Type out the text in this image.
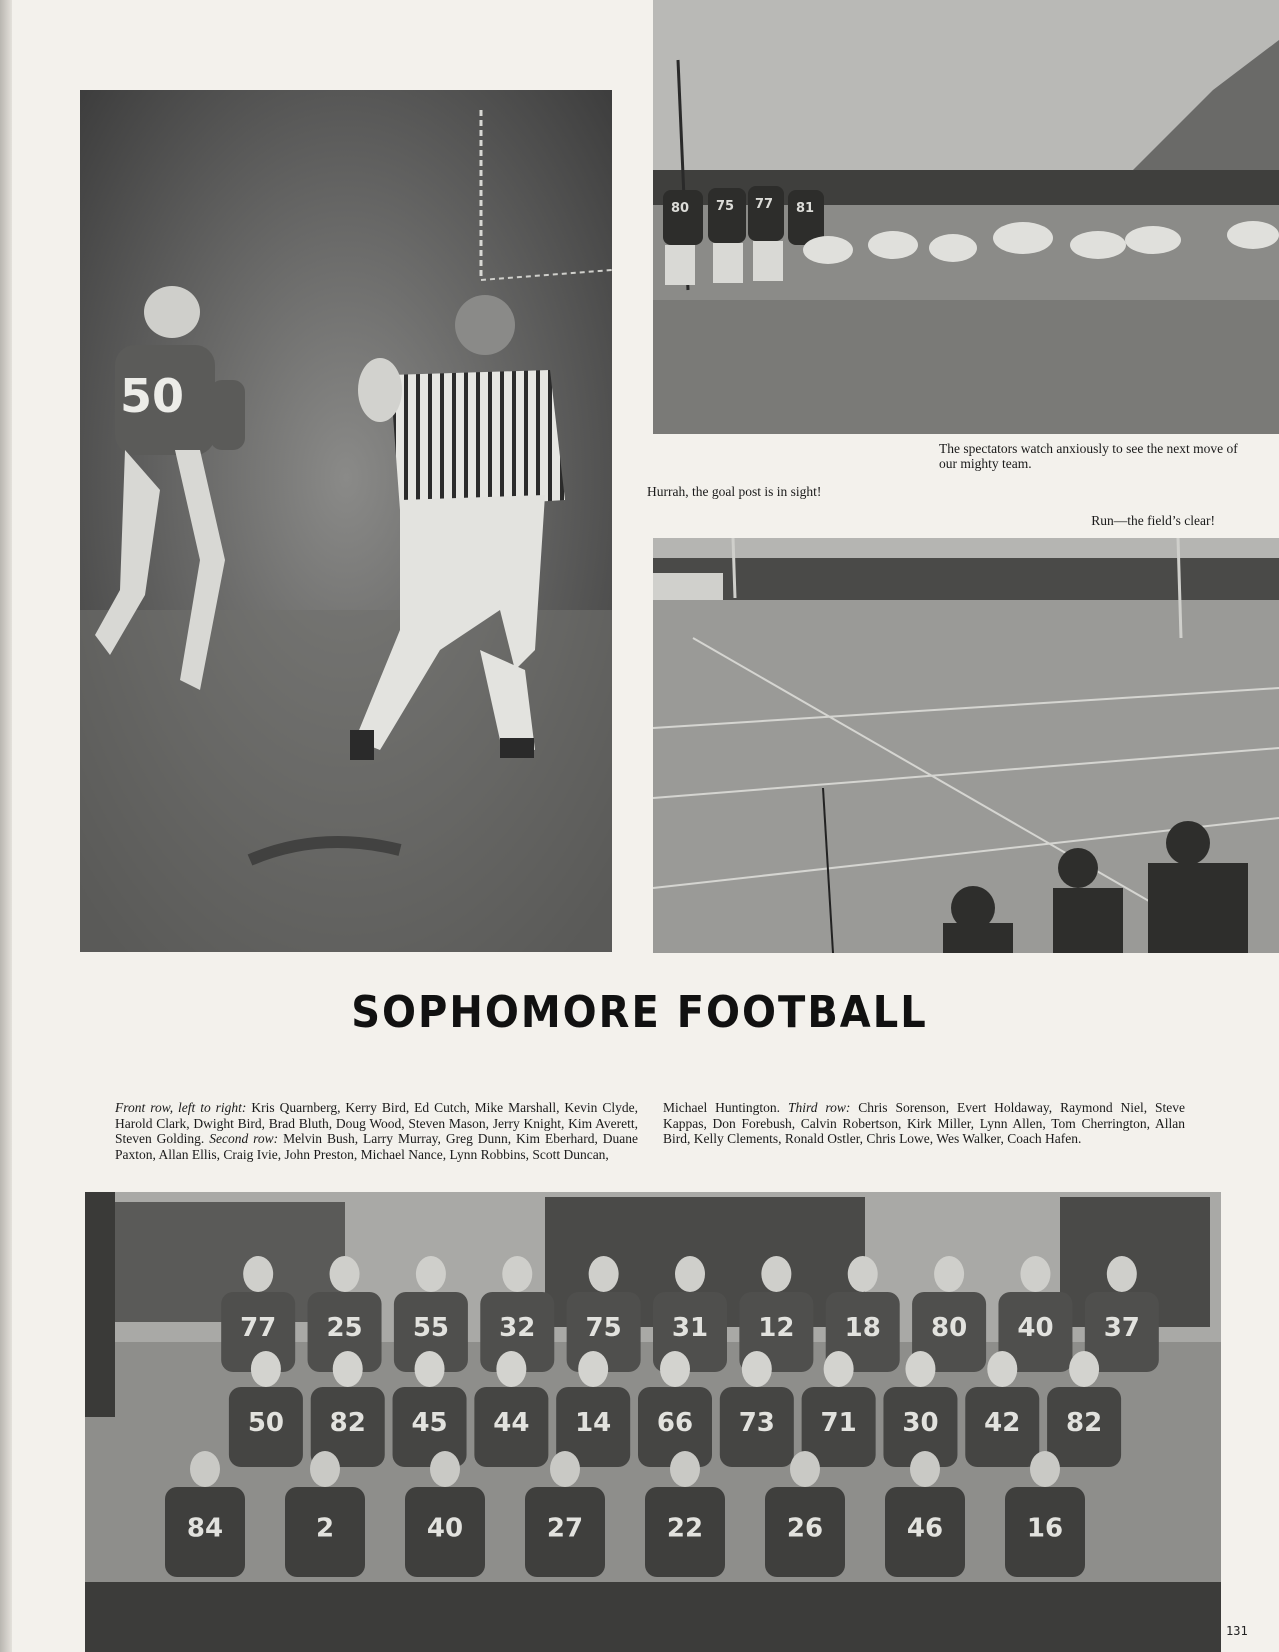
50
80 75 77 81
The spectators watch anxiously to see the next move of our mighty team.
Hurrah, the goal post is in sight!
Run—the field’s clear!
SOPHOMORE FOOTBALL
Front row, left to right: Kris Quarnberg, Kerry Bird, Ed Cutch, Mike Marshall, Kevin Clyde, Harold Clark, Dwight Bird, Brad Bluth, Doug Wood, Steven Mason, Jerry Knight, Kim Averett, Steven Golding. Second row: Melvin Bush, Larry Murray, Greg Dunn, Kim Eberhard, Duane Paxton, Allan Ellis, Craig Ivie, John Preston, Michael Nance, Lynn Robbins, Scott Duncan,
Michael Huntington. Third row: Chris Sorenson, Evert Holdaway, Raymond Niel, Steve Kappas, Don Forebush, Calvin Robertson, Kirk Miller, Lynn Allen, Tom Cherrington, Allan Bird, Kelly Clements, Ronald Ostler, Chris Lowe, Wes Walker, Coach Hafen.
77 25 55 32 75 31 12 18 80 40 37
50 82 45 44 14 66 73 71 30 42 82
84	2	40	27	22	26	46	16
131
